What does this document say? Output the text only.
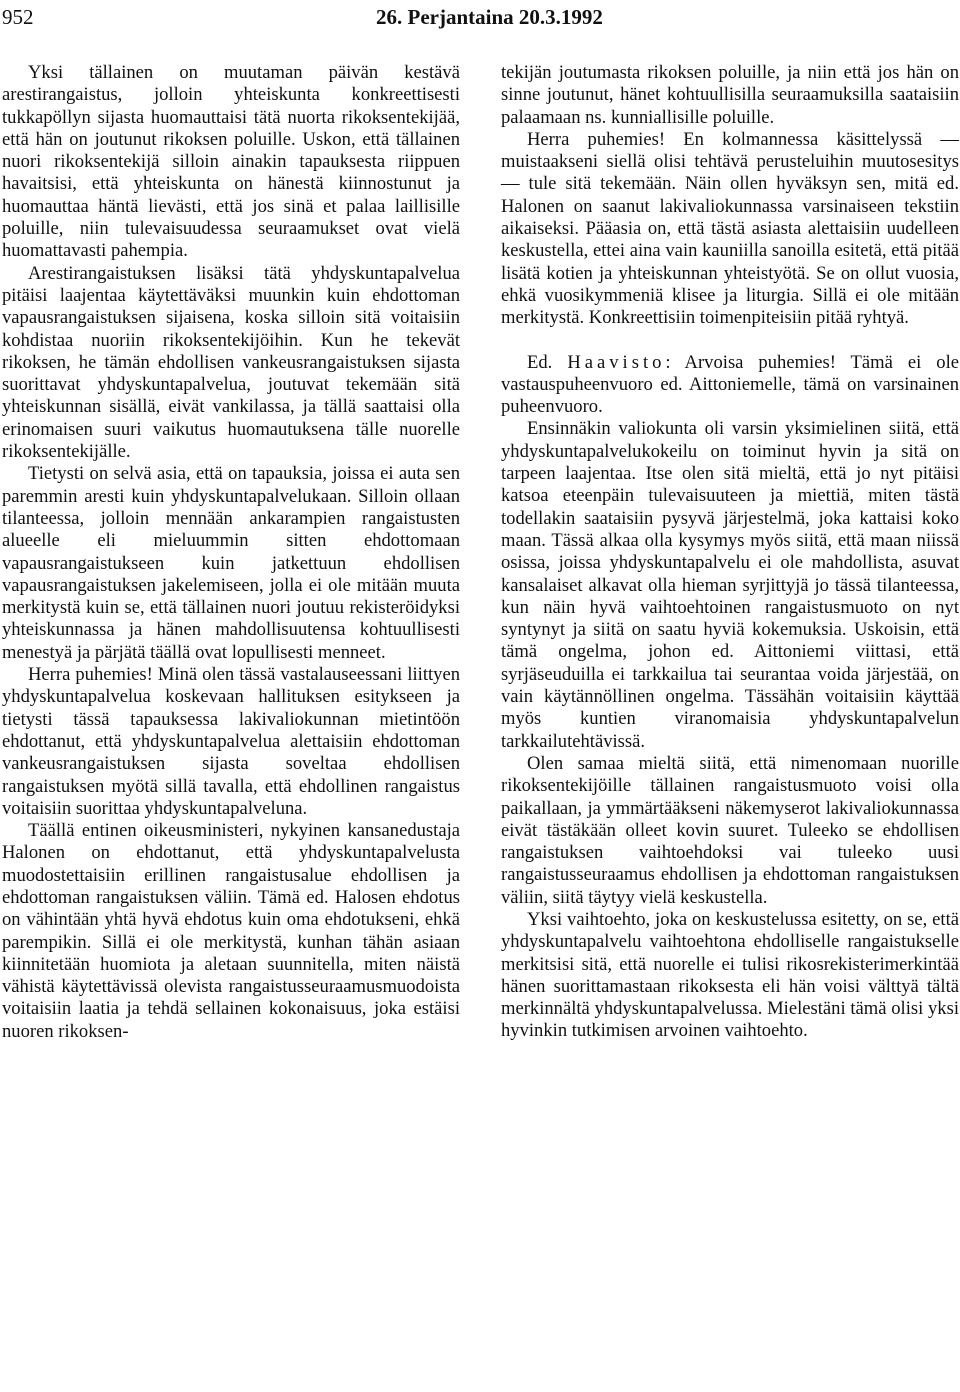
952	26. Perjantaina 20.3.1992

Yksi tällainen on muutaman päivän kestävä arestirangaistus, jolloin yhteiskunta konkreettisesti tukkapöllyn sijasta huomauttaisi tätä nuorta rikoksentekijää, että hän on joutunut rikoksen poluille. Uskon, että tällainen nuori rikoksentekijä silloin ainakin tapauksesta riippuen havaitsisi, että yhteiskunta on hänestä kiinnostunut ja huomauttaa häntä lievästi, että jos sinä et palaa laillisille poluille, niin tulevaisuudessa seuraamukset ovat vielä huomattavasti pahempia.

Arestirangaistuksen lisäksi tätä yhdyskuntapalvelua pitäisi laajentaa käytettäväksi muunkin kuin ehdottoman vapausrangaistuksen sijaisena, koska silloin sitä voitaisiin kohdistaa nuoriin rikoksentekijöihin. Kun he tekevät rikoksen, he tämän ehdollisen vankeusrangaistuksen sijasta suorittavat yhdyskuntapalvelua, joutuvat tekemään sitä yhteiskunnan sisällä, eivät vankilassa, ja tällä saattaisi olla erinomaisen suuri vaikutus huomautuksena tälle nuorelle rikoksentekijälle.

Tietysti on selvä asia, että on tapauksia, joissa ei auta sen paremmin aresti kuin yhdyskuntapalvelukaan. Silloin ollaan tilanteessa, jolloin mennään ankarampien rangaistusten alueelle eli mieluummin sitten ehdottomaan vapausrangaistukseen kuin jatkettuun ehdollisen vapausrangaistuksen jakelemiseen, jolla ei ole mitään muuta merkitystä kuin se, että tällainen nuori joutuu rekisteröidyksi yhteiskunnassa ja hänen mahdollisuutensa kohtuullisesti menestyä ja pärjätä täällä ovat lopullisesti menneet.

Herra puhemies! Minä olen tässä vastalauseessani liittyen yhdyskuntapalvelua koskevaan hallituksen esitykseen ja tietysti tässä tapauksessa lakivaliokunnan mietintöön ehdottanut, että yhdyskuntapalvelua alettaisiin ehdottoman vankeusrangaistuksen sijasta soveltaa ehdollisen rangaistuksen myötä sillä tavalla, että ehdollinen rangaistus voitaisiin suorittaa yhdyskuntapalveluna.

Täällä entinen oikeusministeri, nykyinen kansanedustaja Halonen on ehdottanut, että yhdyskuntapalvelusta muodostettaisiin erillinen rangaistusalue ehdollisen ja ehdottoman rangaistuksen väliin. Tämä ed. Halosen ehdotus on vähintään yhtä hyvä ehdotus kuin oma ehdotukseni, ehkä parempikin. Sillä ei ole merkitystä, kunhan tähän asiaan kiinnitetään huomiota ja aletaan suunnitella, miten näistä vähistä käytettävissä olevista rangaistusseuraamusmuodoista voitaisiin laatia ja tehdä sellainen kokonaisuus, joka estäisi nuoren rikoksen-

tekijän joutumasta rikoksen poluille, ja niin että jos hän on sinne joutunut, hänet kohtuullisilla seuraamuksilla saataisiin palaamaan ns. kunniallisille poluille.

Herra puhemies! En kolmannessa käsittelyssä — muistaakseni siellä olisi tehtävä perusteluihin muutosesitys — tule sitä tekemään. Näin ollen hyväksyn sen, mitä ed. Halonen on saanut lakivaliokunnassa varsinaiseen tekstiin aikaiseksi. Pääasia on, että tästä asiasta alettaisiin uudelleen keskustella, ettei aina vain kauniilla sanoilla esitetä, että pitää lisätä kotien ja yhteiskunnan yhteistyötä. Se on ollut vuosia, ehkä vuosikymmeniä klisee ja liturgia. Sillä ei ole mitään merkitystä. Konkreettisiin toimenpiteisiin pitää ryhtyä.

Ed. Haavisto: Arvoisa puhemies! Tämä ei ole vastauspuheenvuoro ed. Aittoniemelle, tämä on varsinainen puheenvuoro.

Ensinnäkin valiokunta oli varsin yksimielinen siitä, että yhdyskuntapalvelukokeilu on toiminut hyvin ja sitä on tarpeen laajentaa. Itse olen sitä mieltä, että jo nyt pitäisi katsoa eteenpäin tulevaisuuteen ja miettiä, miten tästä todellakin saataisiin pysyvä järjestelmä, joka kattaisi koko maan. Tässä alkaa olla kysymys myös siitä, että maan niissä osissa, joissa yhdyskuntapalvelu ei ole mahdollista, asuvat kansalaiset alkavat olla hieman syrjittyjä jo tässä tilanteessa, kun näin hyvä vaihtoehtoinen rangaistusmuoto on nyt syntynyt ja siitä on saatu hyviä kokemuksia. Uskoisin, että tämä ongelma, johon ed. Aittoniemi viittasi, että syrjäseuduilla ei tarkkailua tai seurantaa voida järjestää, on vain käytännöllinen ongelma. Tässähän voitaisiin käyttää myös kuntien viranomaisia yhdyskuntapalvelun tarkkailutehtävissä.

Olen samaa mieltä siitä, että nimenomaan nuorille rikoksentekijöille tällainen rangaistusmuoto voisi olla paikallaan, ja ymmärtääkseni näkemyserot lakivaliokunnassa eivät tästäkään olleet kovin suuret. Tuleeko se ehdollisen rangaistuksen vaihtoehdoksi vai tuleeko uusi rangaistusseuraamus ehdollisen ja ehdottoman rangaistuksen väliin, siitä täytyy vielä keskustella.

Yksi vaihtoehto, joka on keskustelussa esitetty, on se, että yhdyskuntapalvelu vaihtoehtona ehdolliselle rangaistukselle merkitsisi sitä, että nuorelle ei tulisi rikosrekisterimerkintää hänen suorittamastaan rikoksesta eli hän voisi välttyä tältä merkinnältä yhdyskuntapalvelussa. Mielestäni tämä olisi yksi hyvinkin tutkimisen arvoinen vaihtoehto.
